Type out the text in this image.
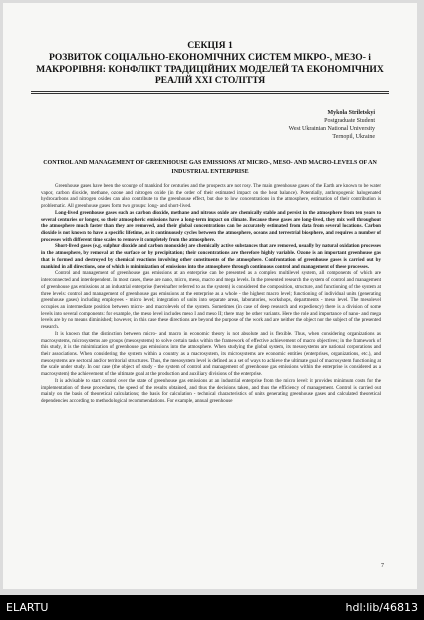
СЕКЦІЯ 1
РОЗВИТОК СОЦІАЛЬНО-ЕКОНОМІЧНИХ СИСТЕМ МІКРО-, МЕЗО- і МАКРОРІВНЯ: КОНФЛІКТ ТРАДИЦІЙНИХ МОДЕЛЕЙ ТА ЕКОНОМІЧНИХ РЕАЛІЙ XXI СТОЛІТТЯ
Mykola Striletskyi
Postgraduate Student
West Ukrainian National University
Ternopil, Ukraine
CONTROL AND MANAGEMENT OF GREENHOUSE GAS EMISSIONS AT MICRO-, MESO- AND MACRO-LEVELS OF AN INDUSTRIAL ENTERPRISE

Greenhouse gases have been the scourge of mankind for centuries and the prospects are not rosy. The main greenhouse gases of the Earth are known to be water vapor, carbon dioxide, methane, ozone and nitrogen oxide (in the order of their estimated impact on the heat balance). Potentially, anthropogenic halogenated hydrocarbons and nitrogen oxides can also contribute to the greenhouse effect, but due to low concentrations in the atmosphere, estimation of their contribution is problematic. All greenhouse gases form two groups: long- and short-lived.

Long-lived greenhouse gases such as carbon dioxide, methane and nitrous oxide are chemically stable and persist in the atmosphere from ten years to several centuries or longer, so their atmospheric emissions have a long-term impact on climate. Because these gases are long-lived, they mix well throughout the atmosphere much faster than they are removed, and their global concentrations can be accurately estimated from data from several locations. Carbon dioxide is not known to have a specific lifetime, as it continuously cycles between the atmosphere, oceans and terrestrial biosphere, and requires a number of processes with different time scales to remove it completely from the atmosphere.

Short-lived gases (e.g. sulphur dioxide and carbon monoxide) are chemically active substances that are removed, usually by natural oxidation processes in the atmosphere, by removal at the surface or by precipitation; their concentrations are therefore highly variable. Ozone is an important greenhouse gas that is formed and destroyed by chemical reactions involving other constituents of the atmosphere. Confrontation of greenhouse gases is carried out by mankind in all directions, one of which is minimization of emissions into the atmosphere through continuous control and management of these processes.

Control and management of greenhouse gas emissions at an enterprise can be presented as a complex multilevel system, all components of which are interconnected and interdependent. In most cases, these are nano, micro, meso, macro and mega levels. In the presented research the system of control and management of greenhouse gas emissions at an industrial enterprise (hereinafter referred to as the system) is considered the composition, structure, and functioning of the system at three levels: control and management of greenhouse gas emissions at the enterprise as a whole - the highest macro level; functioning of individual units (generating greenhouse gases) including employees - micro level; integration of units into separate areas, laboratories, workshops, departments - meso level. The mesolevel occupies an intermediate position between micro- and macrolevels of the system. Sometimes (in case of deep research and expediency) there is a division of some levels into several components: for example, the meso level includes meso I and meso II; there may be other variants. Here the role and importance of nano- and mega levels are by no means diminished; however, in this case these directions are beyond the purpose of the work and are neither the object nor the subject of the presented research.

It is known that the distinction between micro- and macro in economic theory is not absolute and is flexible. Thus, when considering organizations as macrosystems, microsystems are groups (mesosystems) to solve certain tasks within the framework of effective achievement of macro objectives; in the framework of this study, it is the minimization of greenhouse gas emissions into the atmosphere. When studying the global system, its mesosystems are national corporations and their associations. When considering the system within a country as a macrosystem, its microsystems are economic entities (enterprises, organizations, etc.), and mesosystems are sectoral and/or territorial structures. Thus, the mesosystem level is defined as a set of ways to achieve the ultimate goal of macrosystem functioning at the scale under study. In our case (the object of study - the system of control and management of greenhouse gas emissions within the enterprise is considered as a macrosystem) the achievement of the ultimate goal at the production and auxiliary divisions of the enterprise.

It is advisable to start control over the state of greenhouse gas emissions at an industrial enterprise from the micro level: it provides minimum costs for the implementation of these procedures, the speed of the results obtained, and thus the decisions taken, and thus the efficiency of management. Control is carried out mainly on the basis of theoretical calculations; the basis for calculation - technical characteristics of units generating greenhouse gases and calculated theoretical dependencies according to methodological recommendations. For example, annual greenhouse

7
ELARTU	hdl:lib/46813
